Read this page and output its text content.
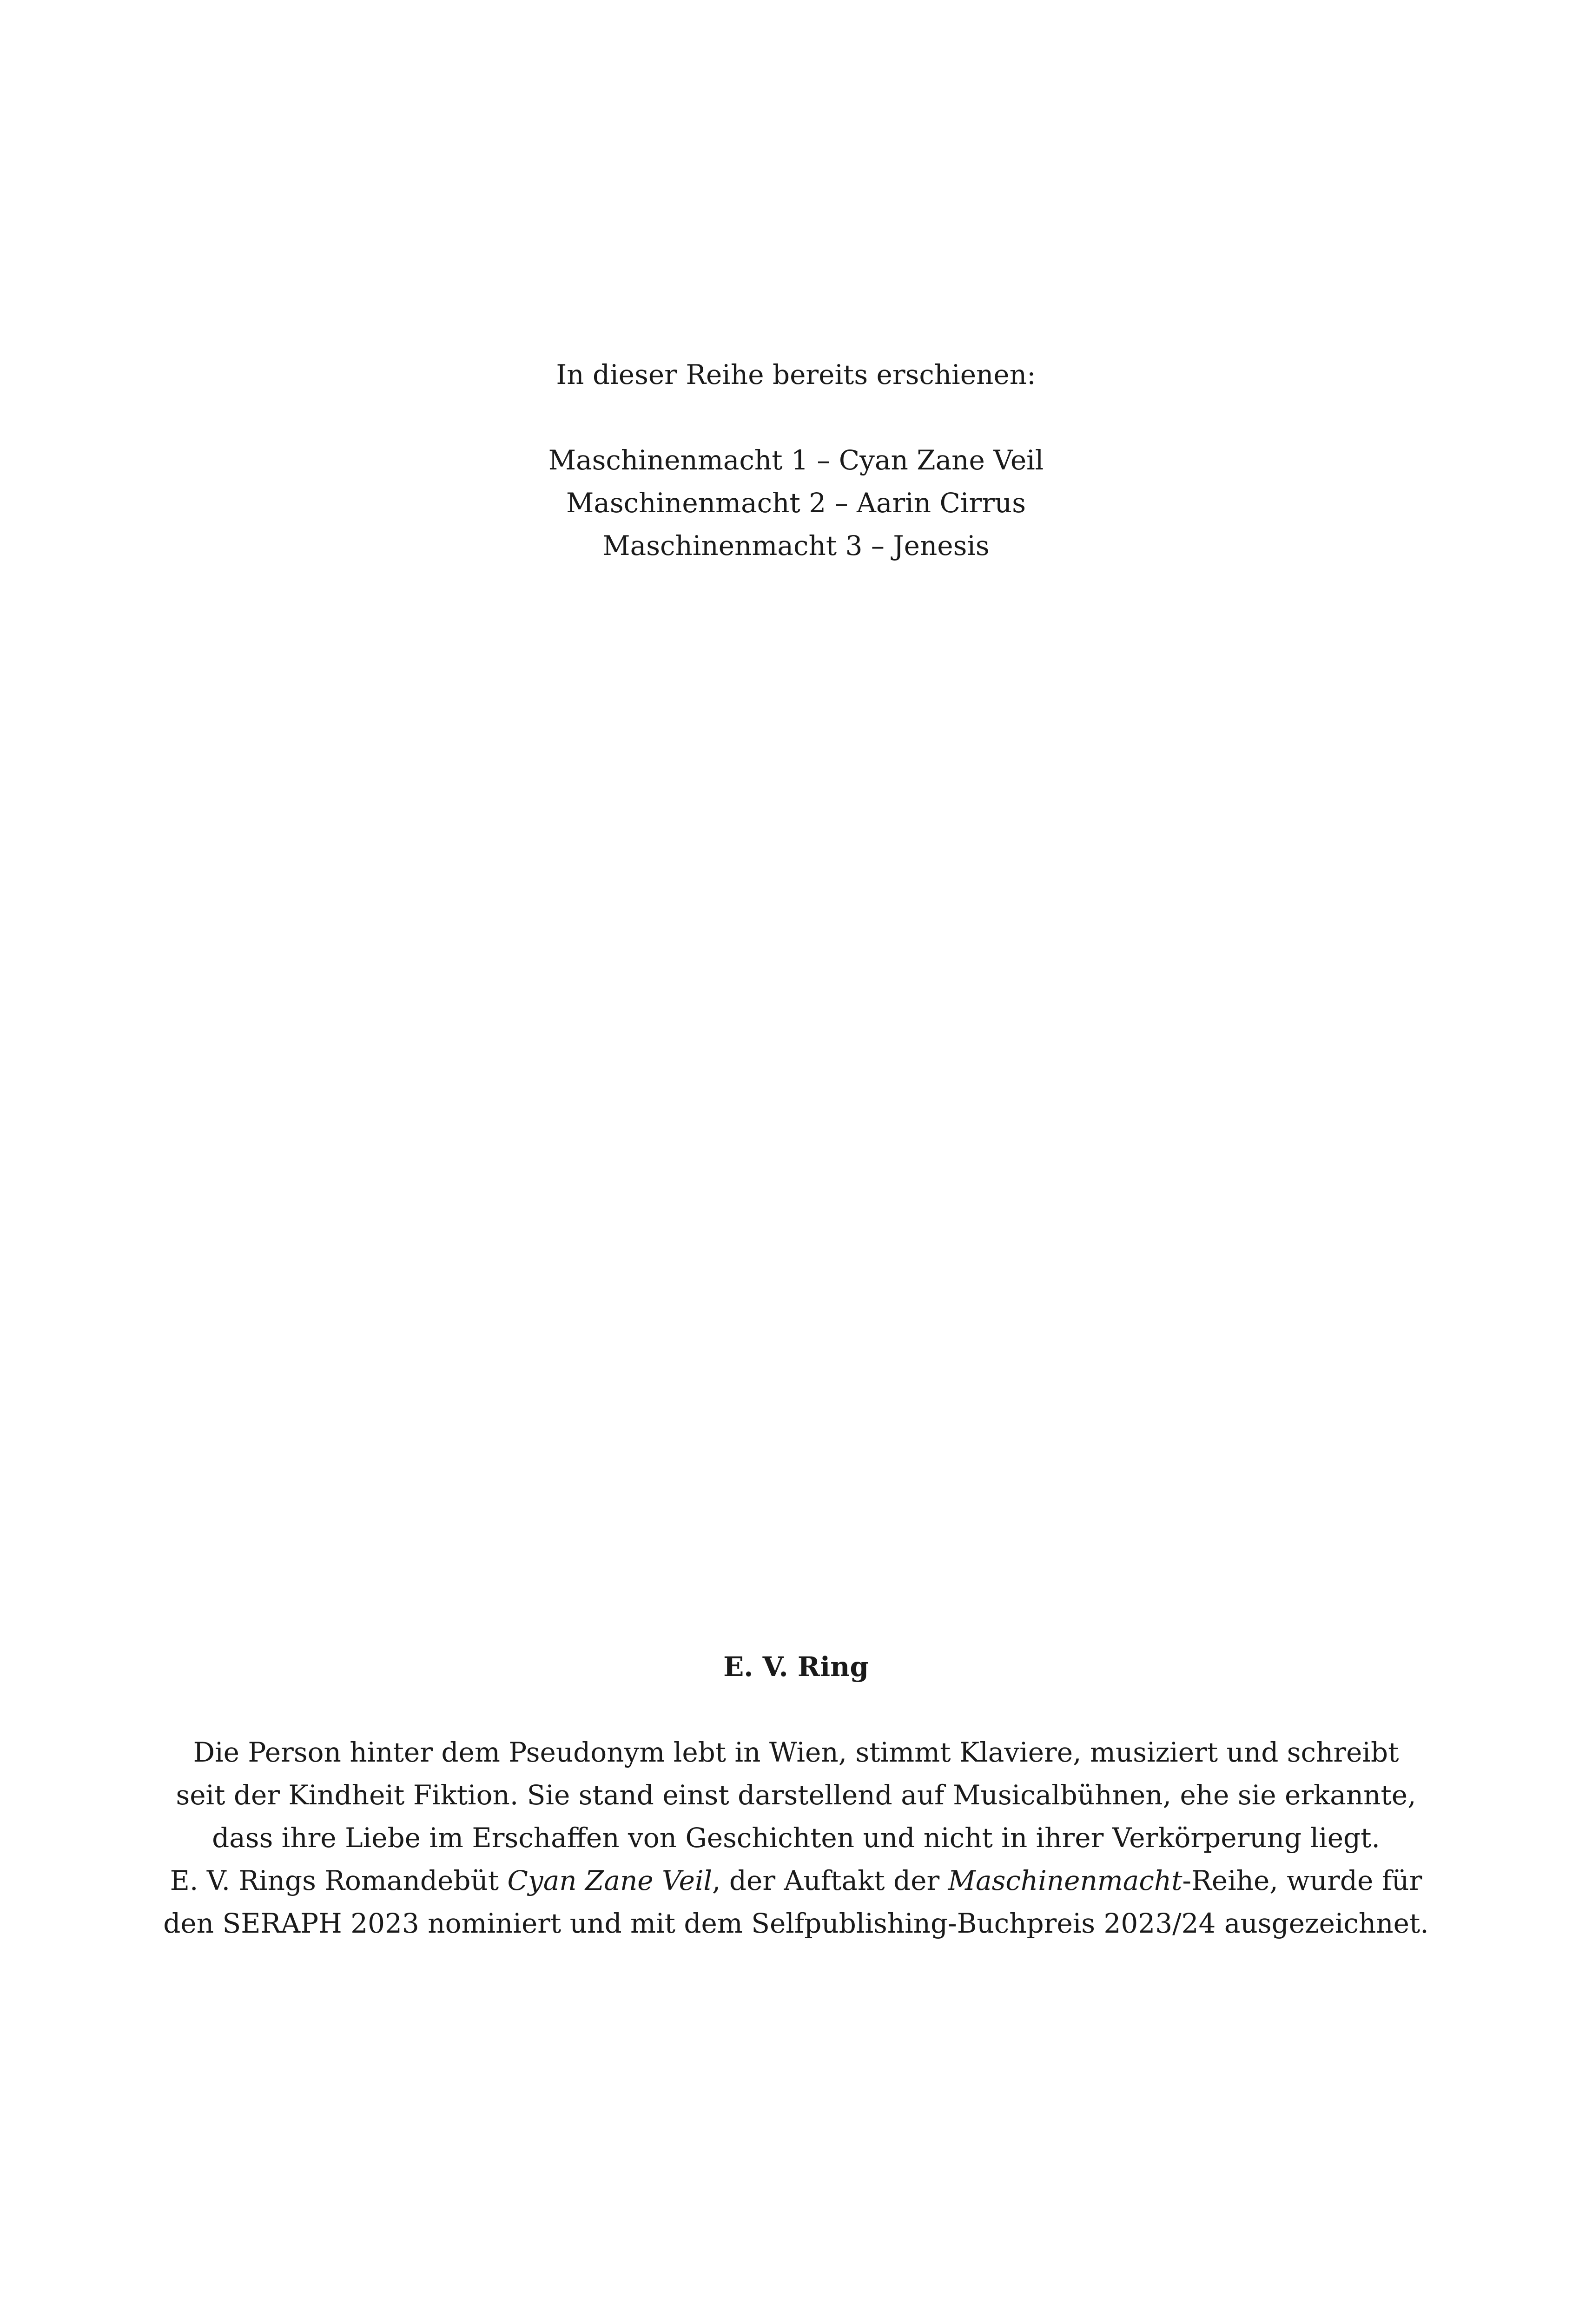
In dieser Reihe bereits erschienen:

Maschinenmacht 1 – Cyan Zane Veil
Maschinenmacht 2 – Aarin Cirrus
Maschinenmacht 3 – Jenesis

E. V. Ring

Die Person hinter dem Pseudonym lebt in Wien, stimmt Klaviere, musiziert und schreibt
seit der Kindheit Fiktion. Sie stand einst darstellend auf Musicalbühnen, ehe sie erkannte,
dass ihre Liebe im Erschaffen von Geschichten und nicht in ihrer Verkörperung liegt.
E. V. Rings Romandebüt Cyan Zane Veil, der Auftakt der Maschinenmacht-Reihe, wurde für
den SERAPH 2023 nominiert und mit dem Selfpublishing-Buchpreis 2023/24 ausgezeichnet.
